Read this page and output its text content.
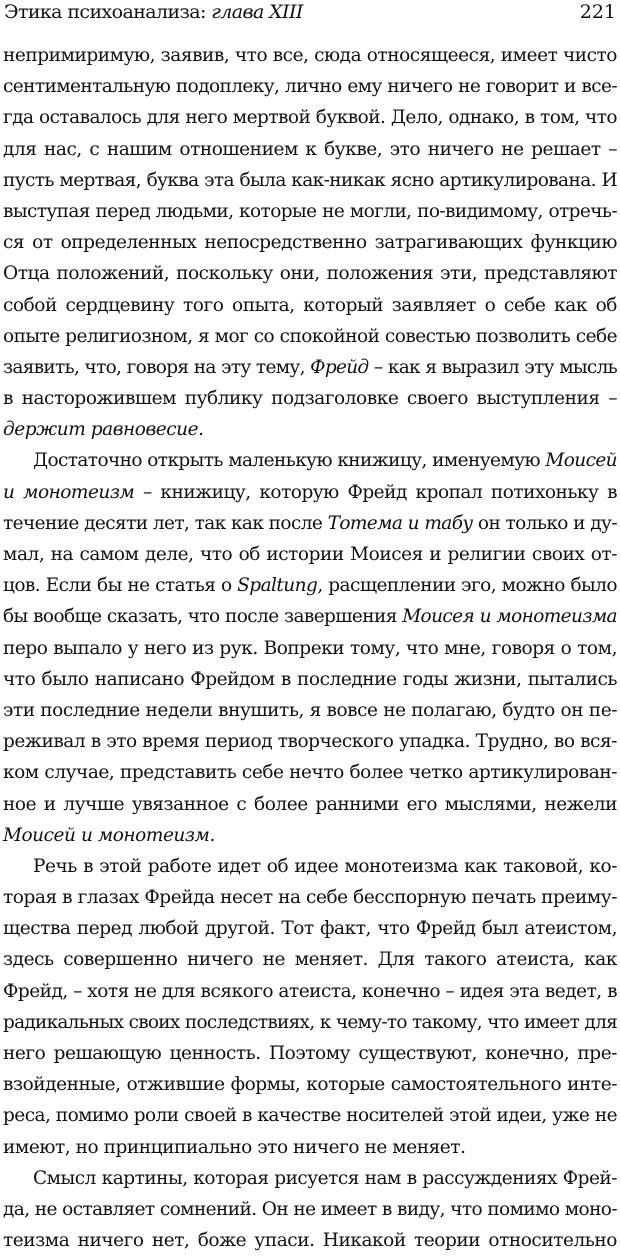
Этика психоанализа: глава XIII	221
непримиримую, заявив, что все, сюда относящееся, имеет чисто
сентиментальную подоплеку, лично ему ничего не говорит и все-
гда оставалось для него мертвой буквой. Дело, однако, в том, что
для нас, с нашим отношением к букве, это ничего не решает –
пусть мертвая, буква эта была как-никак ясно артикулирована. И
выступая перед людьми, которые не могли, по-видимому, отречь-
ся от определенных непосредственно затрагивающих функцию
Отца положений, поскольку они, положения эти, представляют
собой сердцевину того опыта, который заявляет о себе как об
опыте религиозном, я мог со спокойной совестью позволить себе
заявить, что, говоря на эту тему, Фрейд – как я выразил эту мысль
в насторожившем публику подзаголовке своего выступления –
держит равновесие.
Достаточно открыть маленькую книжицу, именуемую Моисей
и монотеизм – книжицу, которую Фрейд кропал потихоньку в
течение десяти лет, так как после Тотема и табу он только и ду-
мал, на самом деле, что об истории Моисея и религии своих от-
цов. Если бы не статья о Spaltung, расщеплении эго, можно было
бы вообще сказать, что после завершения Моисея и монотеизма
перо выпало у него из рук. Вопреки тому, что мне, говоря о том,
что было написано Фрейдом в последние годы жизни, пытались
эти последние недели внушить, я вовсе не полагаю, будто он пе-
реживал в это время период творческого упадка. Трудно, во вся-
ком случае, представить себе нечто более четко артикулирован-
ное и лучше увязанное с более ранними его мыслями, нежели
Моисей и монотеизм.
Речь в этой работе идет об идее монотеизма как таковой, ко-
торая в глазах Фрейда несет на себе бесспорную печать преиму-
щества перед любой другой. Тот факт, что Фрейд был атеистом,
здесь совершенно ничего не меняет. Для такого атеиста, как
Фрейд, – хотя не для всякого атеиста, конечно – идея эта ведет, в
радикальных своих последствиях, к чему-то такому, что имеет для
него решающую ценность. Поэтому существуют, конечно, пре-
взойденные, отжившие формы, которые самостоятельного инте-
реса, помимо роли своей в качестве носителей этой идеи, уже не
имеют, но принципиально это ничего не меняет.
Смысл картины, которая рисуется нам в рассуждениях Фрей-
да, не оставляет сомнений. Он не имеет в виду, что помимо моно-
теизма ничего нет, боже упаси. Никакой теории относительно
